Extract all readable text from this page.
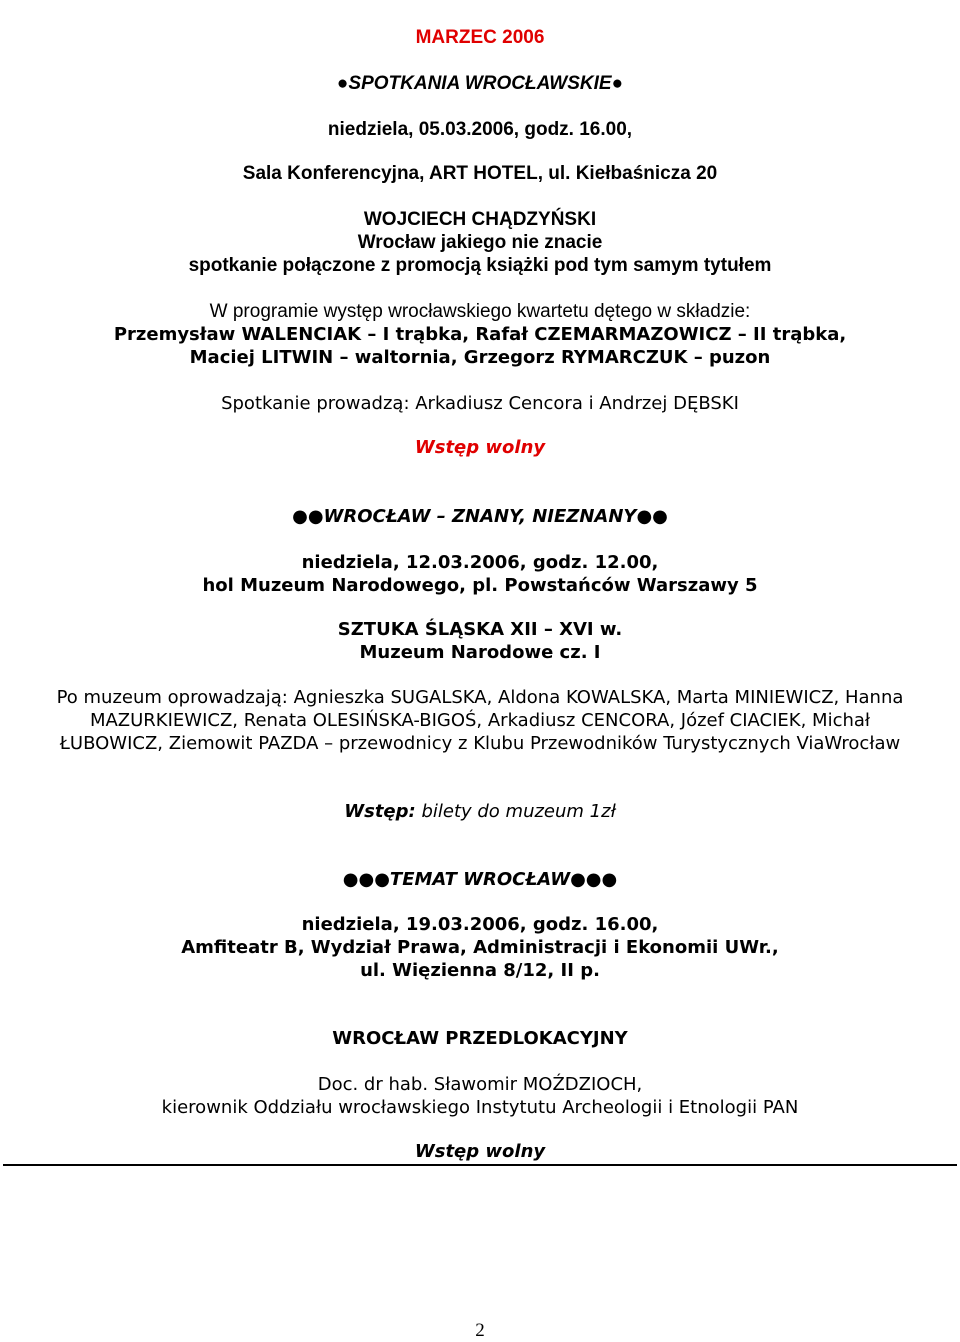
MARZEC 2006
●SPOTKANIA WROCŁAWSKIE●
niedziela, 05.03.2006, godz. 16.00,
Sala Konferencyjna, ART HOTEL, ul. Kiełbaśnicza 20
WOJCIECH CHĄDZYŃSKI
Wrocław jakiego nie znacie
spotkanie połączone z promocją książki pod tym samym tytułem
W programie występ wrocławskiego kwartetu dętego w składzie:
Przemysław WALENCIAK – I trąbka, Rafał CZEMARMAZOWICZ – II trąbka,
Maciej LITWIN – waltornia, Grzegorz RYMARCZUK – puzon
Spotkanie prowadzą: Arkadiusz Cencora i Andrzej DĘBSKI
Wstęp wolny
●●WROCŁAW – ZNANY, NIEZNANY●●
niedziela, 12.03.2006, godz. 12.00,
hol Muzeum Narodowego, pl. Powstańców Warszawy 5
SZTUKA ŚLĄSKA XII – XVI w.
Muzeum Narodowe cz. I
Po muzeum oprowadzają: Agnieszka SUGALSKA, Aldona KOWALSKA, Marta MINIEWICZ, Hanna
MAZURKIEWICZ, Renata OLESIŃSKA-BIGOŚ, Arkadiusz CENCORA, Józef CIACIEK, Michał
ŁUBOWICZ, Ziemowit PAZDA – przewodnicy z Klubu Przewodników Turystycznych ViaWrocław
Wstęp: bilety do muzeum 1zł
●●●TEMAT WROCŁAW●●●
niedziela, 19.03.2006, godz. 16.00,
Amfiteatr B, Wydział Prawa, Administracji i Ekonomii UWr.,
ul. Więzienna 8/12, II p.
WROCŁAW PRZEDLOKACYJNY
Doc. dr hab. Sławomir MOŹDZIOCH,
kierownik Oddziału wrocławskiego Instytutu Archeologii i Etnologii PAN
Wstęp wolny
2
